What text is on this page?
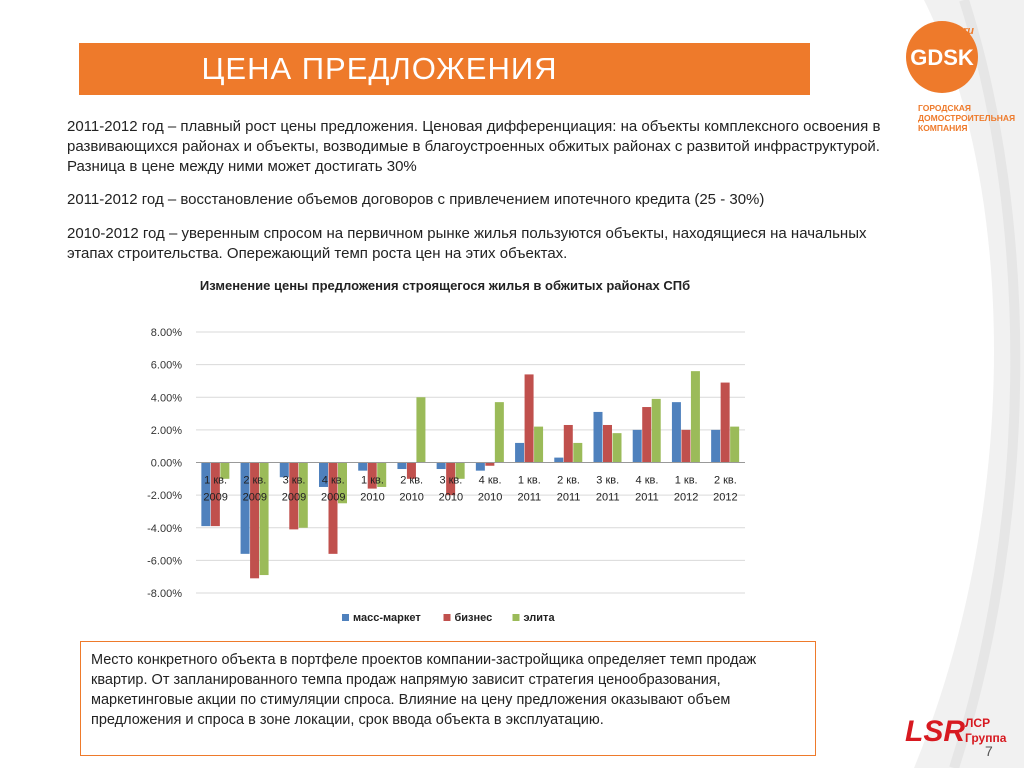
ЦЕНА ПРЕДЛОЖЕНИЯ	GDSK
.ru
ГОРОДСКАЯ
ДОМОСТРОИТЕЛЬНАЯ
КОМПАНИЯ
2011-2012 год – плавный рост цены предложения. Ценовая дифференциация: на объекты комплексного освоения в развивающихся районах и объекты, возводимые в благоустроенных обжитых районах с развитой инфраструктурой. Разница в цене между ними может достигать 30%
2011-2012 год – восстановление объемов договоров с привлечением ипотечного кредита (25 - 30%)
2010-2012 год – уверенным спросом на первичном рынке жилья пользуются объекты, находящиеся на начальных этапах строительства. Опережающий темп роста цен на этих объектах.
Изменение цены предложения строящегося жилья в обжитых районах СПб
8.00%
6.00%
4.00%
2.00%
0.00%
-2.00%
-4.00%
-6.00%
-8.00%
1 кв.
2009
2 кв.
2009
3 кв.
2009
4 кв.
2009
1 кв.
2010
2 кв.
2010
3 кв.
2010
4 кв.
2010
1 кв.
2011
2 кв.
2011
3 кв.
2011
4 кв.
2011
1 кв.
2012
2 кв.
2012
масс-маркет	бизнес	элита
Место конкретного объекта в портфеле проектов компании-застройщика определяет темп продаж квартир. От запланированного темпа продаж напрямую зависит стратегия ценообразования, маркетинговые акции по стимуляции спроса. Влияние на цену предложения оказывают объем предложения и спроса в зоне локации, срок ввода объекта в эксплуатацию.	LSR ЛСР
Группа
7
